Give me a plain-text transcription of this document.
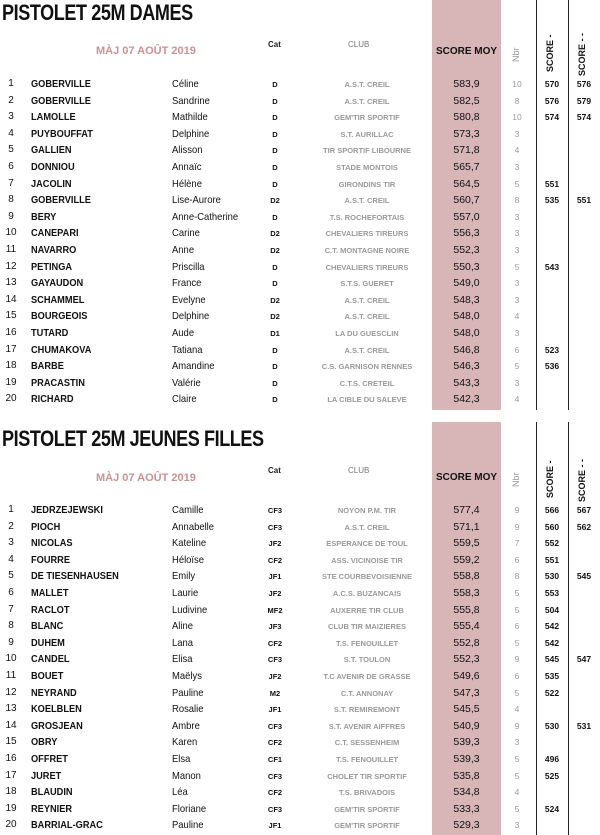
PISTOLET 25M DAMES
MÀJ 07 AOÛT 2019
Cat	CLUB
SCORE MOY	Nbr	SCORE - SCORE - -
1	GOBERVILLE	Céline	D	A.S.T. CREIL	583,9	10	570	576
2	GOBERVILLE	Sandrine	D	A.S.T. CREIL	582,5	8	576	579
3	LAMOLLE	Mathilde	D	GEM'TIR SPORTIF	580,8	10	574	574
4	PUYBOUFFAT	Delphine	D	S.T. AURILLAC	573,3	3
5	GALLIEN	Alisson	D	TIR SPORTIF LIBOURNE	571,8	4
6	DONNIOU	Annaïc	D	STADE MONTOIS	565,7	3
7	JACOLIN	Hélène	D	GIRONDINS TIR	564,5	5	551
8	GOBERVILLE	Lise-Aurore	D2	A.S.T. CREIL	560,7	8	535	551
9	BERY	Anne-Catherine	D	T.S. ROCHEFORTAIS	557,0	3
10	CANEPARI	Carine	D2	CHEVALIERS TIREURS	556,3	3
11	NAVARRO	Anne	D2	C.T. MONTAGNE NOIRE	552,3	3
12	PETINGA	Priscilla	D	CHEVALIERS TIREURS	550,3	5	543
13	GAYAUDON	France	D	S.T.S. GUERET	549,0	3
14	SCHAMMEL	Evelyne	D2	A.S.T. CREIL	548,3	3
15	BOURGEOIS	Delphine	D2	A.S.T. CREIL	548,0	4
16	TUTARD	Aude	D1	LA DU GUESCLIN	548,0	3
17	CHUMAKOVA	Tatiana	D	A.S.T. CREIL	546,8	6	523
18	BARBE	Amandine	D	C.S. GARNISON RENNES	546,3	5	536
19	PRACASTIN	Valérie	D	C.T.S. CRETEIL	543,3	3
20	RICHARD	Claire	D	LA CIBLE DU SALEVE	542,3	4
PISTOLET 25M JEUNES FILLES
MÀJ 07 AOÛT 2019
Cat	CLUB
SCORE MOY	Nbr	SCORE - SCORE - -
1	JEDRZEJEWSKI	Camille	CF3	NOYON P.M. TIR	577,4	9	566	567
2	PIOCH	Annabelle	CF3	A.S.T. CREIL	571,1	9	560	562
3	NICOLAS	Kateline	JF2	ESPERANCE DE TOUL	559,5	7	552
4	FOURRE	Héloïse	CF2	ASS. VICINOISE TIR	559,2	6	551
5	DE TIESENHAUSEN	Emily	JF1	STE COURBEVOISIENNE	558,8	8	530	545
6	MALLET	Laurie	JF2	A.C.S. BUZANCAIS	558,3	5	553
7	RACLOT	Ludivine	MF2	AUXERRE TIR CLUB	555,8	5	504
8	BLANC	Aline	JF3	CLUB TIR MAIZIERES	555,4	6	542
9	DUHEM	Lana	CF2	T.S. FENOUILLET	552,8	5	542
10	CANDEL	Elisa	CF3	S.T. TOULON	552,3	9	545	547
11	BOUET	Maëlys	JF2	T.C AVENIR DE GRASSE	549,6	6	535
12	NEYRAND	Pauline	M2	C.T. ANNONAY	547,3	5	522
13	KOELBLEN	Rosalie	JF1	S.T. REMIREMONT	545,5	4
14	GROSJEAN	Ambre	CF3	S.T. AVENIR AIFFRES	540,9	9	530	531
15	OBRY	Karen	CF2	C.T. SESSENHEIM	539,3	3
16	OFFRET	Elsa	CF1	T.S. FENOUILLET	539,3	5	496
17	JURET	Manon	CF3	CHOLET TIR SPORTIF	535,8	5	525
18	BLAUDIN	Léa	CF2	T.S. BRIVADOIS	534,8	4
19	REYNIER	Floriane	CF3	GEM'TIR SPORTIF	533,3	5	524
20	BARRIAL-GRAC	Pauline	JF1	GEM'TIR SPORTIF	529,3	3
